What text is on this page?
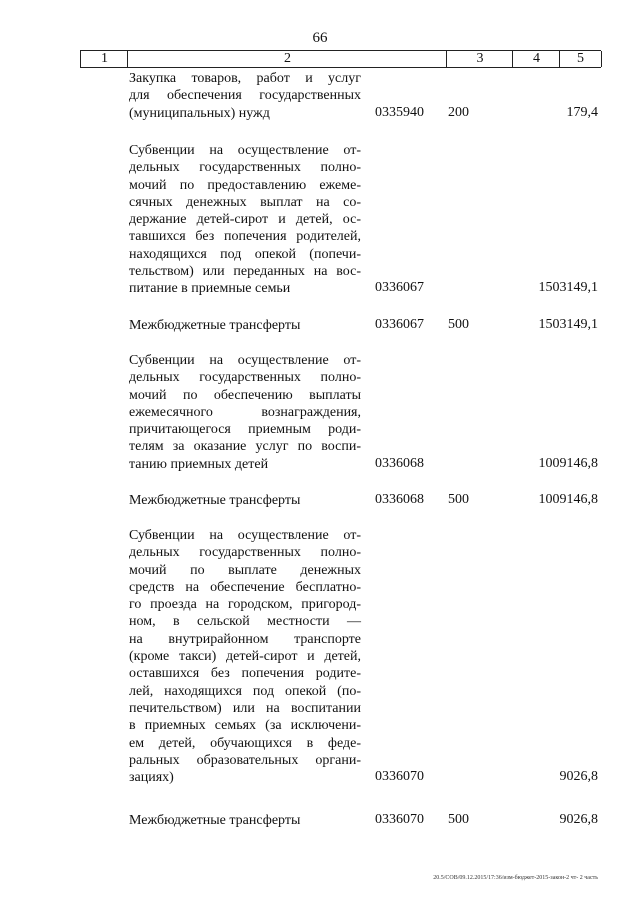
66
1	2	3	4	5
Закупка товаров, работ и услуг
для обеспечения государственных
(муниципальных) нужд	0335940 200	179,4
Субвенции на осуществление от-
дельных государственных полно-
мочий по предоставлению ежеме-
сячных денежных выплат на со-
держание детей-сирот и детей, ос-
тавшихся без попечения родителей,
находящихся под опекой (попечи-
тельством) или переданных на вос-
питание в приемные семьи	0336067	1503149,1
Межбюджетные трансферты	0336067 500	1503149,1
Субвенции на осуществление от-
дельных государственных полно-
мочий по обеспечению выплаты
ежемесячного вознаграждения,
причитающегося приемным роди-
телям за оказание услуг по воспи-
танию приемных детей	0336068	1009146,8
Межбюджетные трансферты	0336068 500	1009146,8
Субвенции на осуществление от-
дельных государственных полно-
мочий по выплате денежных
средств на обеспечение бесплатно-
го проезда на городском, пригород-
ном, в сельской местности —
на внутрирайонном транспорте
(кроме такси) детей-сирот и детей,
оставшихся без попечения родите-
лей, находящихся под опекой (по-
печительством) или на воспитании
в приемных семьях (за исключени-
ем детей, обучающихся в феде-
ральных образовательных органи-
зациях)	0336070	9026,8
Межбюджетные трансферты	0336070 500	9026,8
20.5/СОВ/09.12.2015/17:36/изм-бюджет-2015-закон-2 чт- 2 часть
